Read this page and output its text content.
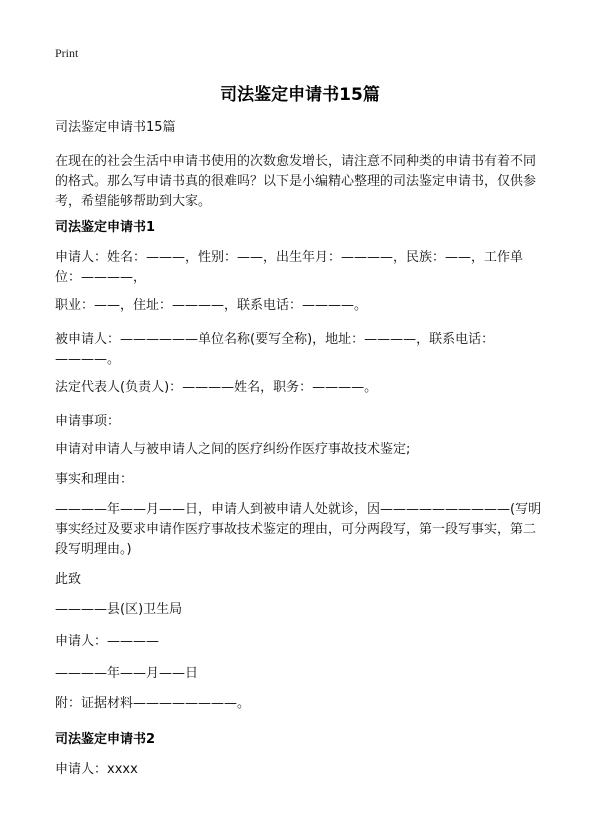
Print
司法鉴定申请书15篇
司法鉴定申请书15篇
在现在的社会生活中申请书使用的次数愈发增长，请注意不同种类的申请书有着不同的格式。那么写申请书真的很难吗？以下是小编精心整理的司法鉴定申请书，仅供参考，希望能够帮助到大家。
司法鉴定申请书1
申请人：姓名：———，性别：——，出生年月：————，民族：——，工作单位：————，
职业：——，住址：————，联系电话：————。
被申请人：——————单位名称(要写全称)，地址：————，联系电话：————。
法定代表人(负责人)：————姓名，职务：————。
申请事项：
申请对申请人与被申请人之间的医疗纠纷作医疗事故技术鉴定;
事实和理由：
————年——月——日，申请人到被申请人处就诊，因——————————(写明事实经过及要求申请作医疗事故技术鉴定的理由，可分两段写，第一段写事实，第二段写明理由。)
此致
————县(区)卫生局
申请人：————
————年——月——日
附：证据材料————————。
司法鉴定申请书2
申请人：xxxx
